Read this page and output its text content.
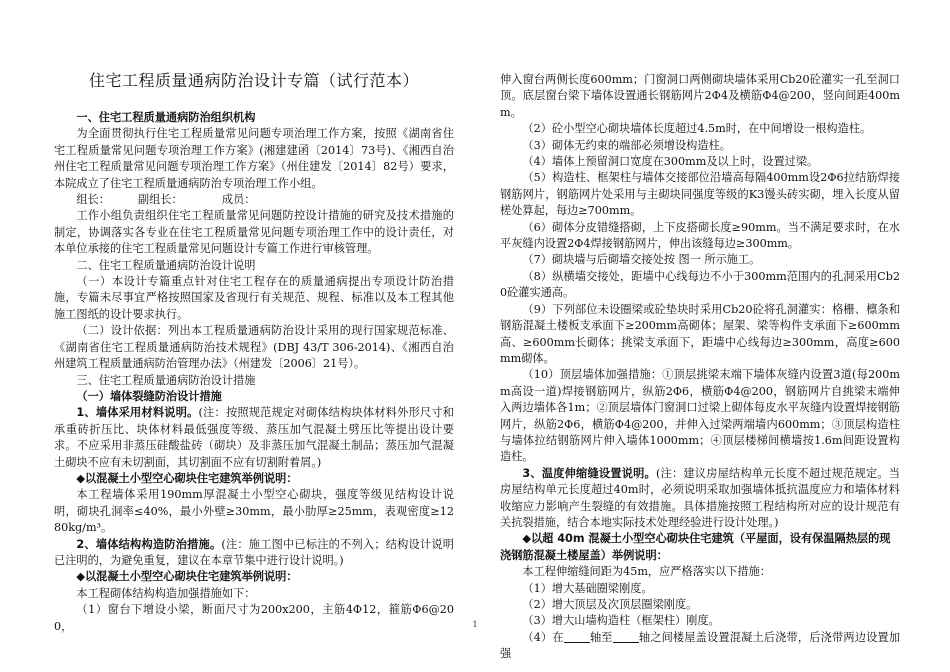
住宅工程质量通病防治设计专篇（试行范本）

一、住宅工程质量通病防治组织机构

为全面贯彻执行住宅工程质量常见问题专项治理工作方案，按照《湖南省住宅工程质量常见问题专项治理工作方案》(湘建建函〔2014〕73号)、《湘西自治州住宅工程质量常见问题专项治理工作方案》（州住建发〔2014〕82号）要求，本院成立了住宅工程质量通病防治专项治理工作小组。

组长：　　　副组长：　　　　成员：

工作小组负责组织住宅工程质量常见问题防控设计措施的研究及技术措施的制定，协调落实各专业在住宅工程质量常见问题专项治理工作中的设计责任，对本单位承接的住宅工程质量常见问题设计专篇工作进行审核管理。

二、住宅工程质量通病防治设计说明

（一）本设计专篇重点针对住宅工程存在的质量通病提出专项设计防治措施，专篇未尽事宜严格按照国家及省现行有关规范、规程、标准以及本工程其他施工图纸的设计要求执行。

（二）设计依据：列出本工程质量通病防治设计采用的现行国家规范标准、《湖南省住宅工程质量通病防治技术规程》(DBJ 43/T 306-2014)、《湘西自治州建筑工程质量通病防治管理办法》（州建发〔2006〕21号）。

三、住宅工程质量通病防治设计措施

（一）墙体裂缝防治设计措施

1、墙体采用材料说明。(注：按照规范规定对砌体结构块体材料外形尺寸和承重砖折压比、块体材料最低强度等级、蒸压加气混凝土劈压比等提出设计要求。不应采用非蒸压硅酸盐砖（砌块）及非蒸压加气混凝土制品；蒸压加气混凝土砌块不应有未切割面，其切割面不应有切割附着屑。)

◆以混凝土小型空心砌块住宅建筑举例说明：

本工程墙体采用190mm厚混凝土小型空心砌块，强度等级见结构设计说明，砌块孔洞率≤40%，最小外壁≥30mm，最小肋厚≥25mm，表观密度≥1280kg/m³。

2、墙体结构构造防治措施。(注：施工图中已标注的不列入；结构设计说明已注明的，为避免重复，建议在本章节集中进行设计说明。)

◆以混凝土小型空心砌块住宅建筑举例说明：

本工程砌体结构构造加强措施如下：

（1）窗台下增设小梁，断面尺寸为200x200，主筋4Φ12，箍筋Φ6@200，

伸入窗台两侧长度600mm；门窗洞口两侧砌块墙体采用Cb20砼灌实一孔至洞口顶。底层窗台梁下墙体设置通长钢筋网片2Φ4及横筋Φ4@200，竖向间距400mm。

（2）砼小型空心砌块墙体长度超过4.5m时，在中间增设一根构造柱。

（3）砌体无约束的端部必须增设构造柱。

（4）墙体上预留洞口宽度在300mm及以上时，设置过梁。

（5）构造柱、框架柱与墙体交接部位沿墙高每隔400mm设2Φ6拉结筋焊接钢筋网片，钢筋网片处采用与主砌块同强度等级的K3馒头砖实砌，埋入长度从留槎处算起，每边≥700mm。

（6）砌体分皮错缝搭砌，上下皮搭砌长度≥90mm。当不满足要求时，在水平灰缝内设置2Φ4焊接钢筋网片，伸出该缝每边≥300mm。

（7）砌块墙与后砌墙交接处按 图一 所示施工。

（8）纵横墙交接处，距墙中心线每边不小于300mm范围内的孔洞采用Cb20砼灌实通高。

（9）下列部位未设圈梁或砼垫块时采用Cb20砼将孔洞灌实：格栅、檩条和钢筋混凝土楼板支承面下≥200mm高砌体；屋架、梁等构件支承面下≥600mm高、≥600mm长砌体；挑梁支承面下，距墙中心线每边≥300mm，高度≥600mm砌体。

（10）顶层墙体加强措施：①顶层挑梁末端下墙体灰缝内设置3道(每200mm高设一道)焊接钢筋网片，纵筋2Φ6，横筋Φ4@200，钢筋网片自挑梁末端伸入两边墙体各1m；②顶层墙体门窗洞口过梁上砌体每皮水平灰缝内设置焊接钢筋网片，纵筋2Φ6，横筋Φ4@200，并伸入过梁两端墙内600mm；③顶层构造柱与墙体拉结钢筋网片伸入墙体1000mm；④顶层楼梯间横墙按1.6m间距设置构造柱。

3、温度伸缩缝设置说明。(注：建议房屋结构单元长度不超过规范规定。当房屋结构单元长度超过40m时，必须说明采取加强墙体抵抗温度应力和墙体材料收缩应力影响产生裂缝的有效措施。具体措施按照工程结构所对应的设计规范有关抗裂措施，结合本地实际技术处理经验进行设计处理。)

◆以超 40m 混凝土小型空心砌块住宅建筑（平屋面，设有保温隔热层的现浇钢筋混凝土楼屋盖）举例说明：

本工程伸缩缝间距为45m，应严格落实以下措施：

（1）增大基础圈梁刚度。

（2）增大顶层及次顶层圈梁刚度。

（3）增大山墙构造柱（框架柱）刚度。

（4）在 轴至 轴之间楼屋盖设置混凝土后浇带，后浇带两边设置加强

1
